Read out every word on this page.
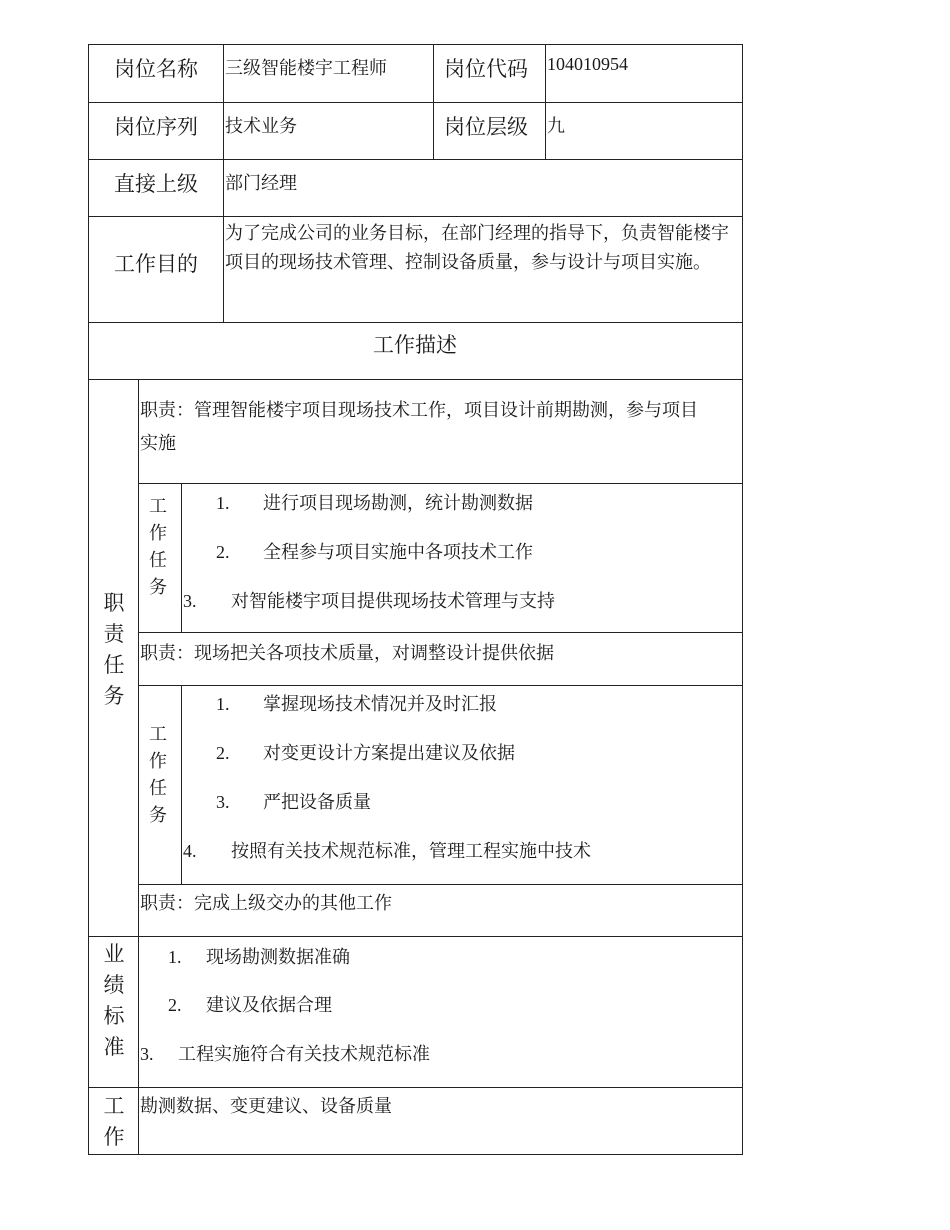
岗位名称 三级智能楼宇工程师	岗位代码 104010954
岗位序列 技术业务	岗位层级 九
直接上级 部门经理
工作目的
为了完成公司的业务目标，在部门经理的指导下，负责智能楼宇项目的现场技术管理、控制设备质量，参与设计与项目实施。
工作描述
职
责
任
务
职责：管理智能楼宇项目现场技术工作，项目设计前期勘测，参与项目
实施
工
作
任
务
1. 进行项目现场勘测，统计勘测数据
2. 全程参与项目实施中各项技术工作
3. 对智能楼宇项目提供现场技术管理与支持
职责：现场把关各项技术质量，对调整设计提供依据
工
作
任
务
1. 掌握现场技术情况并及时汇报
2. 对变更设计方案提出建议及依据
3. 严把设备质量
4. 按照有关技术规范标准，管理工程实施中技术
职责：完成上级交办的其他工作
业
绩
标
准
1. 现场勘测数据准确
2. 建议及依据合理
3. 工程实施符合有关技术规范标准
工
作
勘测数据、变更建议、设备质量
